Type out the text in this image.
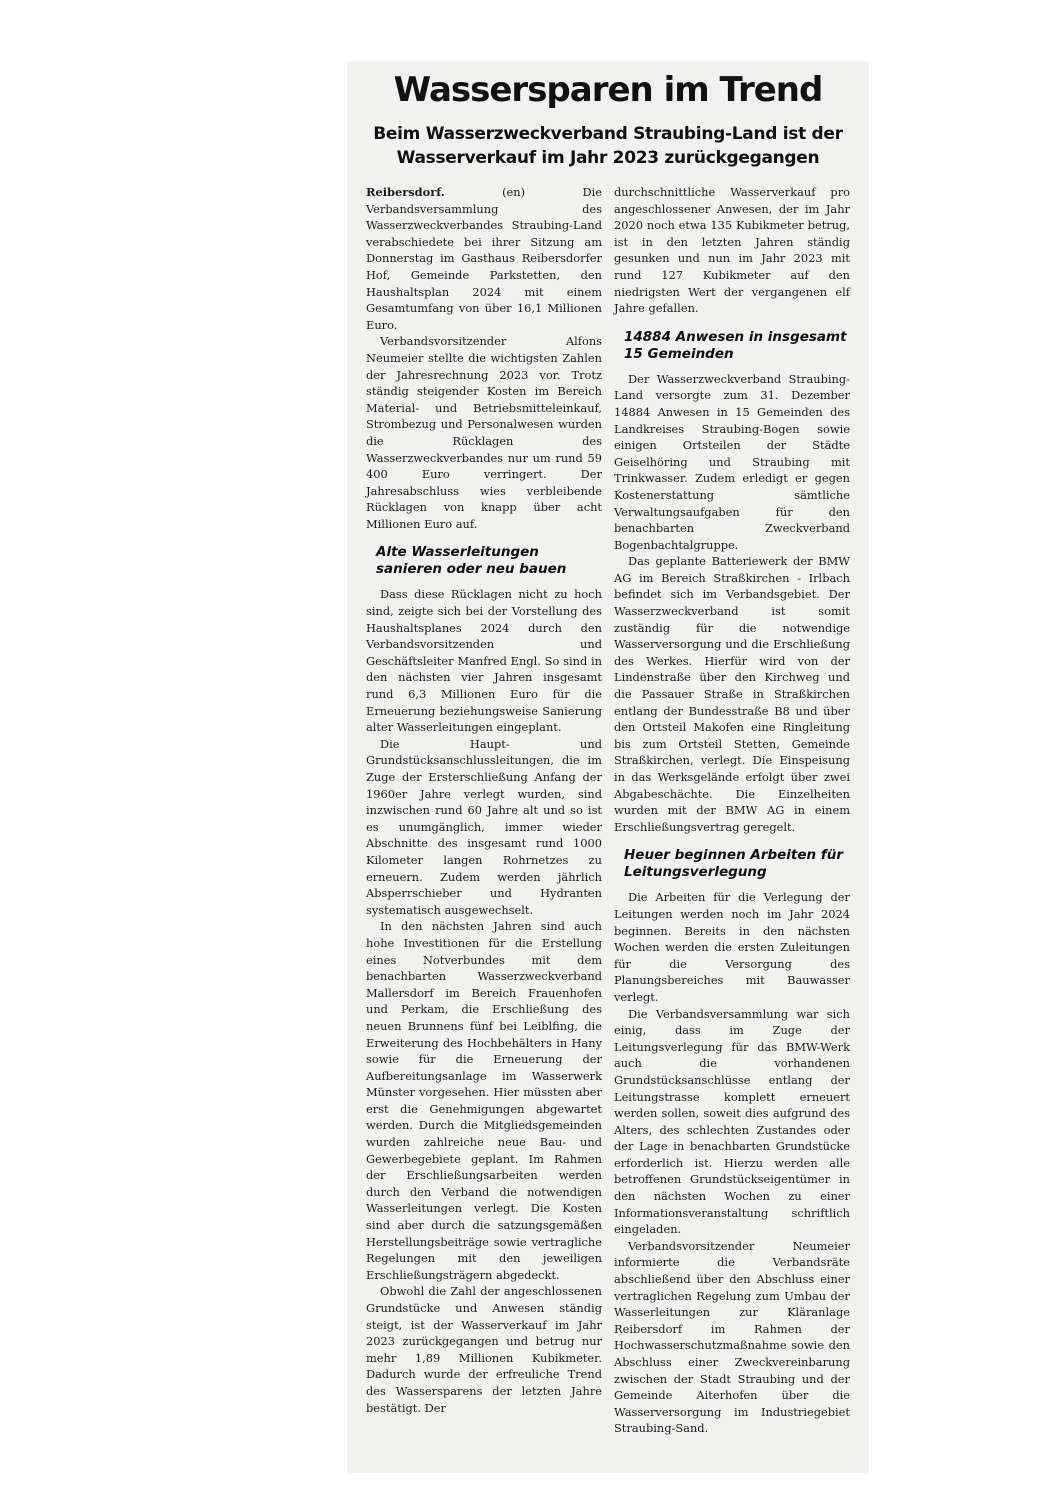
Wassersparen im Trend
Beim Wasserzweckverband Straubing-Land ist der Wasserverkauf im Jahr 2023 zurückgegangen

Reibersdorf.	(en) Die Verbandsversammlung des Wasserzweckverbandes Straubing-Land verabschiedete bei ihrer Sitzung am Donnerstag im Gasthaus Reibersdorfer Hof, Gemeinde Parkstetten, den Haushaltsplan 2024 mit einem Gesamtumfang von über 16,1 Millionen Euro.

Verbandsvorsitzender Alfons Neumeier stellte die wichtigsten Zahlen der Jahresrechnung 2023 vor. Trotz ständig steigender Kosten im Bereich Material- und Betriebsmitteleinkauf, Strombezug und Personalwesen wurden die Rücklagen des Wasserzweckverbandes nur um rund 59 400 Euro verringert. Der Jahresabschluss wies verbleibende Rücklagen von knapp über acht Millionen Euro auf.

Alte Wasserleitungen sanieren oder neu bauen

Dass diese Rücklagen nicht zu hoch sind, zeigte sich bei der Vorstellung des Haushaltsplanes 2024 durch den Verbandsvorsitzenden und Geschäftsleiter Manfred Engl. So sind in den nächsten vier Jahren insgesamt rund 6,3 Millionen Euro für die Erneuerung beziehungsweise Sanierung alter Wasserleitungen eingeplant.

Die Haupt- und Grundstücksanschlussleitungen, die im Zuge der Ersterschließung Anfang der 1960er Jahre verlegt wurden, sind inzwischen rund 60 Jahre alt und so ist es unumgänglich, immer wieder Abschnitte des insgesamt rund 1000 Kilometer langen Rohrnetzes zu erneuern. Zudem werden jährlich Absperrschieber und Hydranten systematisch ausgewechselt.

In den nächsten Jahren sind auch hohe Investitionen für die Erstellung eines Notverbundes mit dem benachbarten Wasserzweckverband Mallersdorf im Bereich Frauenhofen und Perkam, die Erschließung des neuen Brunnens fünf bei Leiblfing, die Erweiterung des Hochbehälters in Hany sowie für die Erneuerung der Aufbereitungsanlage im Wasserwerk Münster vorgesehen. Hier müssten aber erst die Genehmigungen abgewartet werden. Durch die Mitgliedsgemeinden wurden zahlreiche neue Bau- und Gewerbegebiete geplant. Im Rahmen der Erschließungsarbeiten werden durch den Verband die notwendigen Wasserleitungen verlegt. Die Kosten sind aber durch die satzungsgemäßen Herstellungsbeiträge sowie vertragliche Regelungen mit den jeweiligen Erschließungsträgern abgedeckt.

Obwohl die Zahl der angeschlossenen Grundstücke und Anwesen ständig steigt, ist der Wasserverkauf im Jahr 2023 zurückgegangen und betrug nur mehr 1,89 Millionen Kubikmeter. Dadurch wurde der erfreuliche Trend des Wassersparens der letzten Jahre bestätigt. Der

durchschnittliche Wasserverkauf pro angeschlossener Anwesen, der im Jahr 2020 noch etwa 135 Kubikmeter betrug, ist in den letzten Jahren ständig gesunken und nun im Jahr 2023 mit rund 127 Kubikmeter auf den niedrigsten Wert der vergangenen elf Jahre gefallen.

14884 Anwesen in insgesamt 15 Gemeinden

Der Wasserzweckverband Straubing-Land versorgte zum 31. Dezember 14884 Anwesen in 15 Gemeinden des Landkreises Straubing-Bogen sowie einigen Ortsteilen der Städte Geiselhöring und Straubing mit Trinkwasser. Zudem erledigt er gegen Kostenerstattung sämtliche Verwaltungsaufgaben für den benachbarten Zweckverband Bogenbachtalgruppe.

Das geplante Batteriewerk der BMW AG im Bereich Straßkirchen - Irlbach befindet sich im Verbandsgebiet. Der Wasserzweckverband ist somit zuständig für die notwendige Wasserversorgung und die Erschließung des Werkes. Hierfür wird von der Lindenstraße über den Kirchweg und die Passauer Straße in Straßkirchen entlang der Bundesstraße B8 und über den Ortsteil Makofen eine Ringleitung bis zum Ortsteil Stetten, Gemeinde Straßkirchen, verlegt. Die Einspeisung in das Werksgelände erfolgt über zwei Abgabeschächte. Die Einzelheiten wurden mit der BMW AG in einem Erschließungsvertrag geregelt.

Heuer beginnen Arbeiten für Leitungsverlegung

Die Arbeiten für die Verlegung der Leitungen werden noch im Jahr 2024 beginnen. Bereits in den nächsten Wochen werden die ersten Zuleitungen für die Versorgung des Planungsbereiches mit Bauwasser verlegt.

Die Verbandsversammlung war sich einig, dass im Zuge der Leitungsverlegung für das BMW-Werk auch die vorhandenen Grundstücksanschlüsse entlang der Leitungstrasse komplett erneuert werden sollen, soweit dies aufgrund des Alters, des schlechten Zustandes oder der Lage in benachbarten Grundstücke erforderlich ist. Hierzu werden alle betroffenen Grundstückseigentümer in den nächsten Wochen zu einer Informationsveranstaltung schriftlich eingeladen.

Verbandsvorsitzender Neumeier informierte die Verbandsräte abschließend über den Abschluss einer vertraglichen Regelung zum Umbau der Wasserleitungen zur Kläranlage Reibersdorf im Rahmen der Hochwasserschutzmaßnahme sowie den Abschluss einer Zweckvereinbarung zwischen der Stadt Straubing und der Gemeinde Aiterhofen über die Wasserversorgung im Industriegebiet Straubing-Sand.
